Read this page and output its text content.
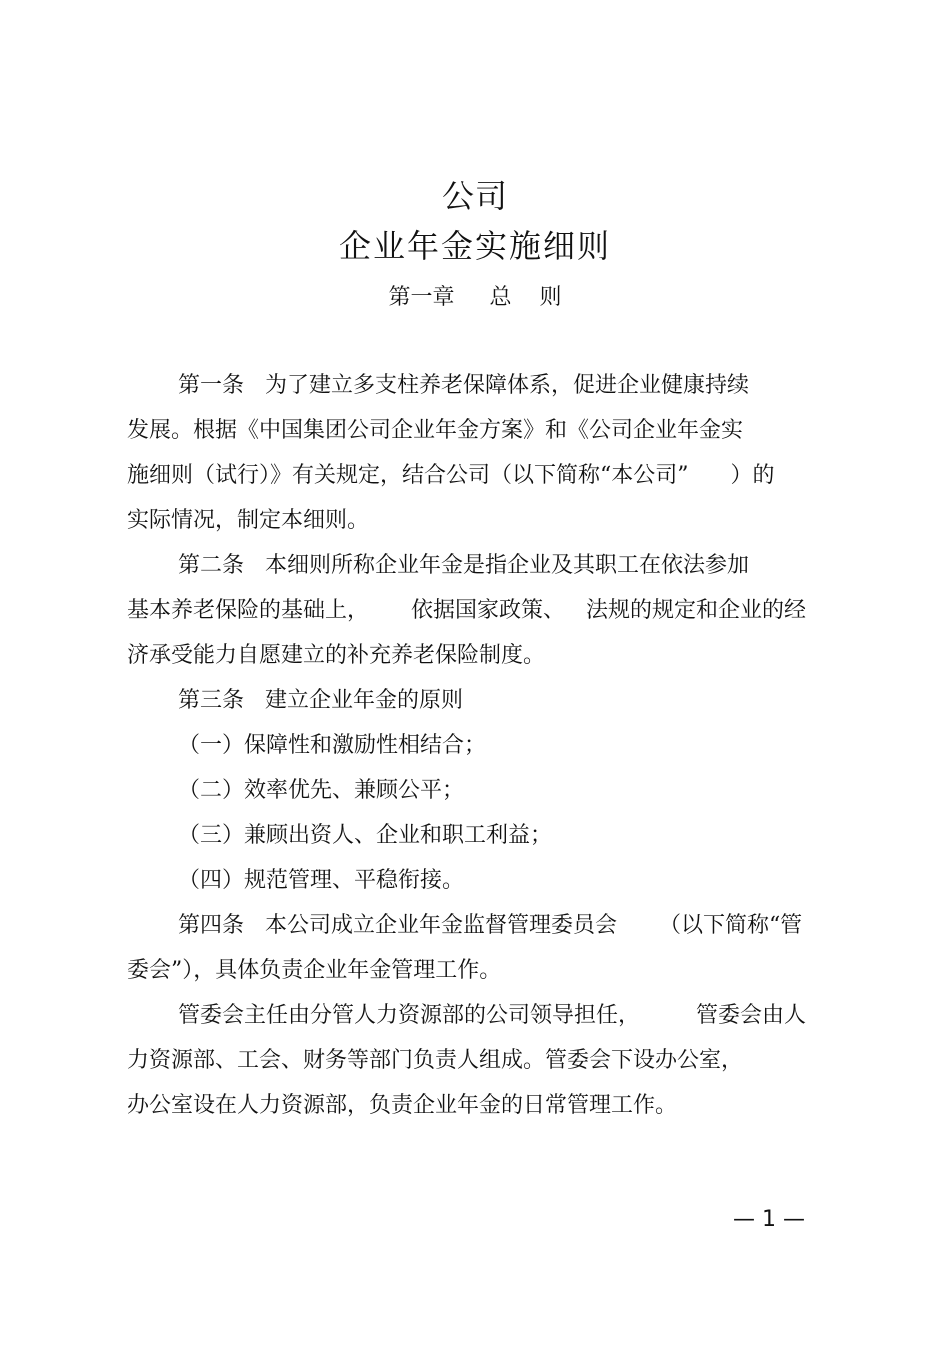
公司
企业年金实施细则
第一章     总    则
第一条   为了建立多支柱养老保障体系，促进企业健康持续
发展。根据《中国集团公司企业年金方案》和《公司企业年金实
施细则（试行）》有关规定，结合公司（以下简称“本公司”      ）的
实际情况，制定本细则。
第二条   本细则所称企业年金是指企业及其职工在依法参加
基本养老保险的基础上，      依据国家政策、   法规的规定和企业的经
济承受能力自愿建立的补充养老保险制度。
第三条   建立企业年金的原则
（一）保障性和激励性相结合；
（二）效率优先、兼顾公平；
（三）兼顾出资人、企业和职工利益；
（四）规范管理、平稳衔接。
第四条   本公司成立企业年金监督管理委员会      （以下简称“管
委会”），具体负责企业年金管理工作。
管委会主任由分管人力资源部的公司领导担任，        管委会由人
力资源部、工会、财务等部门负责人组成。管委会下设办公室，
办公室设在人力资源部，负责企业年金的日常管理工作。
— 1 —
